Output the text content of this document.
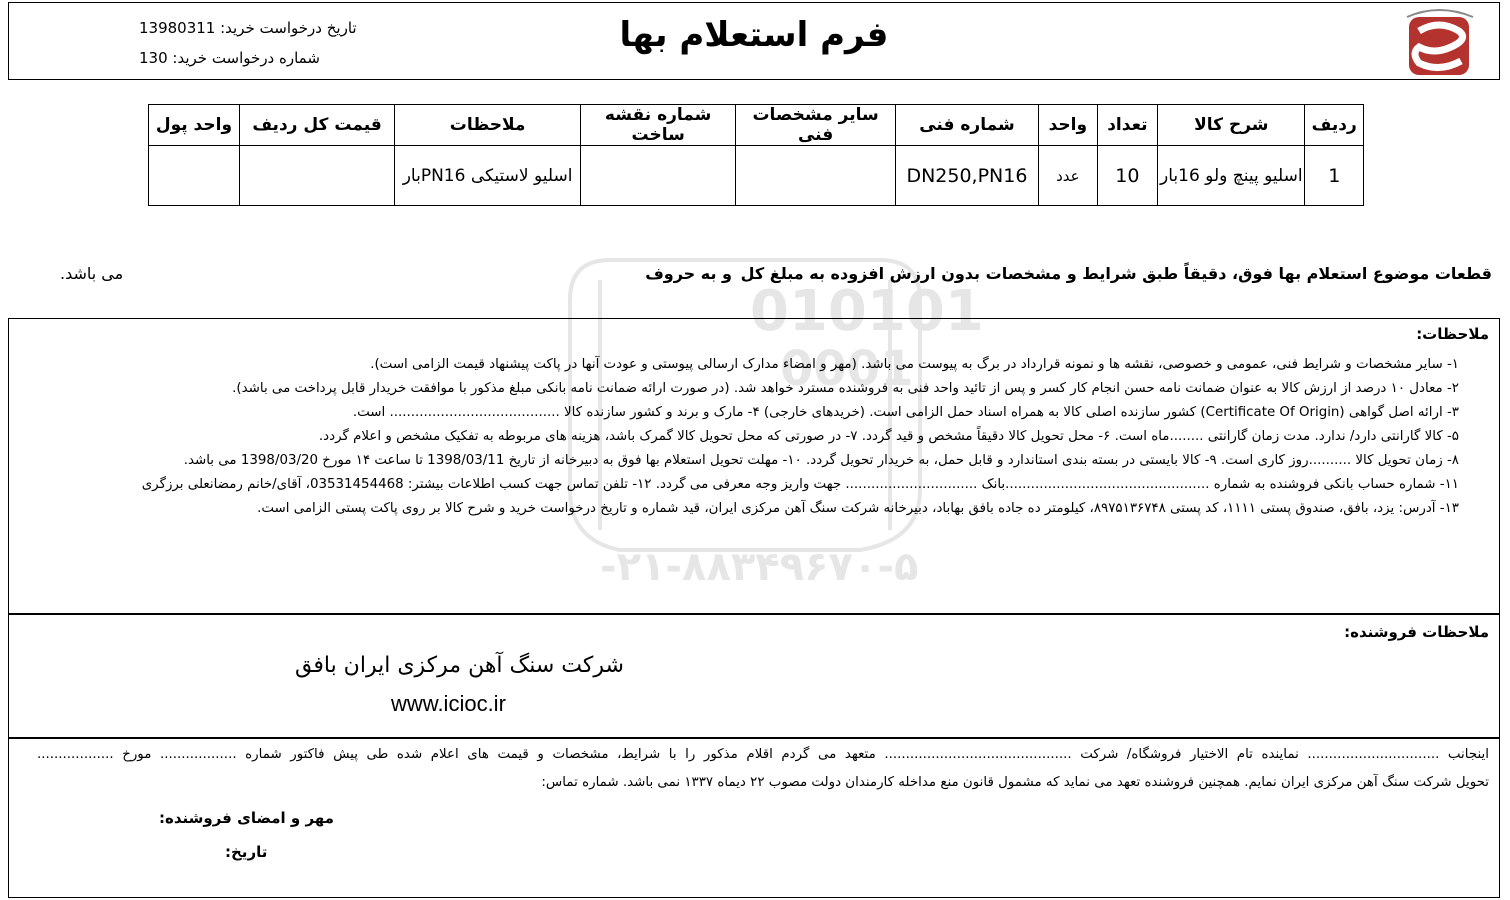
فرم استعلام بها
تاریخ درخواست خرید: 13980311
شماره درخواست خرید: 130
ردیف	شرح کالا	تعداد	واحد	شماره فنی	سایر مشخصات فنی	شماره نقشه ساخت	ملاحظات	قیمت کل ردیف	واحد پول
1	اسلیو پینچ ولو 16بار	10	عدد	DN250,PN16			اسلیو لاستیکی PN16بار		
قطعات موضوع استعلام بها فوق، دقیقاً طبق شرایط و مشخصات بدون ارزش افزوده به مبلغ کل
و به حروف
می باشد.
010101
0001
-۲۱-۸۸۳۴۹۶۷۰-۵
ملاحظات:
۱- سایر مشخصات و شرایط فنی، عمومی و خصوصی، نقشه ها و نمونه قرارداد در برگ به پیوست می باشد. (مهر و امضاء مدارک ارسالی پیوستی و عودت آنها در پاکت پیشنهاد قیمت الزامی است).
۲- معادل ۱۰ درصد از ارزش کالا به عنوان ضمانت نامه حسن انجام کار کسر و پس از تائید واحد فنی به فروشنده مسترد خواهد شد. (در صورت ارائه ضمانت نامه بانکی مبلغ مذکور با موافقت خریدار قابل پرداخت می باشد).
۳- ارائه اصل گواهی (Certificate Of Origin) کشور سازنده اصلی کالا به همراه اسناد حمل الزامی است. (خریدهای خارجی) ۴- مارک و برند و کشور سازنده کالا ........................................ است.
۵- کالا گارانتی دارد/ ندارد. مدت زمان گارانتی ........ماه است. ۶- محل تحویل کالا دقیقاً مشخص و قید گردد. ۷- در صورتی که محل تحویل کالا گمرک باشد، هزینه های مربوطه به تفکیک مشخص و اعلام گردد.
۸- زمان تحویل کالا ..........روز کاری است. ۹- کالا بایستی در بسته بندی استاندارد و قابل حمل، به خریدار تحویل گردد. ۱۰- مهلت تحویل استعلام بها فوق به دبیرخانه از تاریخ 1398/03/11 تا ساعت ۱۴ مورخ 1398/03/20 می باشد.
۱۱- شماره حساب بانکی فروشنده به شماره ................................................بانک ............................... جهت واریز وجه معرفی می گردد. ۱۲- تلفن تماس جهت کسب اطلاعات بیشتر: 03531454468، آقای/خانم رمضانعلی برزگری
۱۳- آدرس: یزد، بافق، صندوق پستی ۱۱۱۱، کد پستی ۸۹۷۵۱۳۶۷۴۸، کیلومتر ده جاده بافق بهاباد، دبیرخانه شرکت سنگ آهن مرکزی ایران، قید شماره و تاریخ درخواست خرید و شرح کالا بر روی پاکت پستی الزامی است.
ملاحظات فروشنده:
شرکت سنگ آهن مرکزی ایران بافق
www.icioc.ir
اینجانب ............................... نماینده تام الاختیار فروشگاه/ شرکت ............................................ متعهد می گردم اقلام مذکور را با شرایط، مشخصات و قیمت های اعلام شده طی پیش فاکتور شماره .................. مورخ ..................
تحویل شرکت سنگ آهن مرکزی ایران نمایم. همچنین فروشنده تعهد می نماید که مشمول قانون منع مداخله کارمندان دولت مصوب ۲۲ دیماه ۱۳۳۷ نمی باشد. شماره تماس:
مهر و امضای فروشنده:
تاریخ:
